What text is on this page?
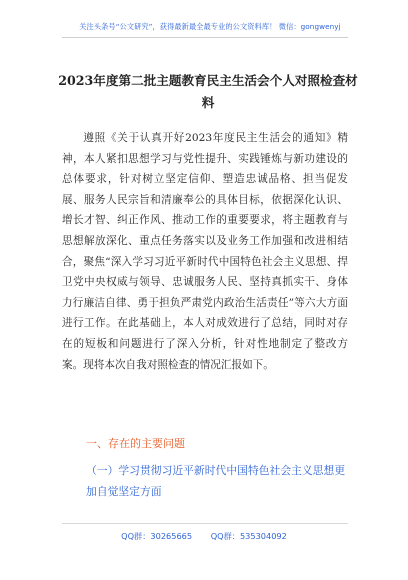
关注头条号“公文研究”，获得最新最全最专业的公文资料库！ 微信：gongwenyj
2023年度第二批主题教育民主生活会个人对照检查材料

遵照《关于认真开好2023年度民主生活会的通知》精神，本人紧扣思想学习与党性提升、实践锤炼与新功建设的总体要求，针对树立坚定信仰、塑造忠诚品格、担当促发展、服务人民宗旨和清廉奉公的具体目标，依据深化认识、增长才智、纠正作风、推动工作的重要要求，将主题教育与思想解放深化、重点任务落实以及业务工作加强和改进相结合，聚焦“深入学习习近平新时代中国特色社会主义思想、捍卫党中央权威与领导、忠诚服务人民、坚持真抓实干、身体力行廉洁自律、勇于担负严肃党内政治生活责任”等六大方面进行工作。在此基础上，本人对成效进行了总结，同时对存在的短板和问题进行了深入分析，针对性地制定了整改方案。现将本次自我对照检查的情况汇报如下。

一、存在的主要问题

（一）学习贯彻习近平新时代中国特色社会主义思想更加自觉坚定方面

QQ群：30265665 QQ群：535304092
